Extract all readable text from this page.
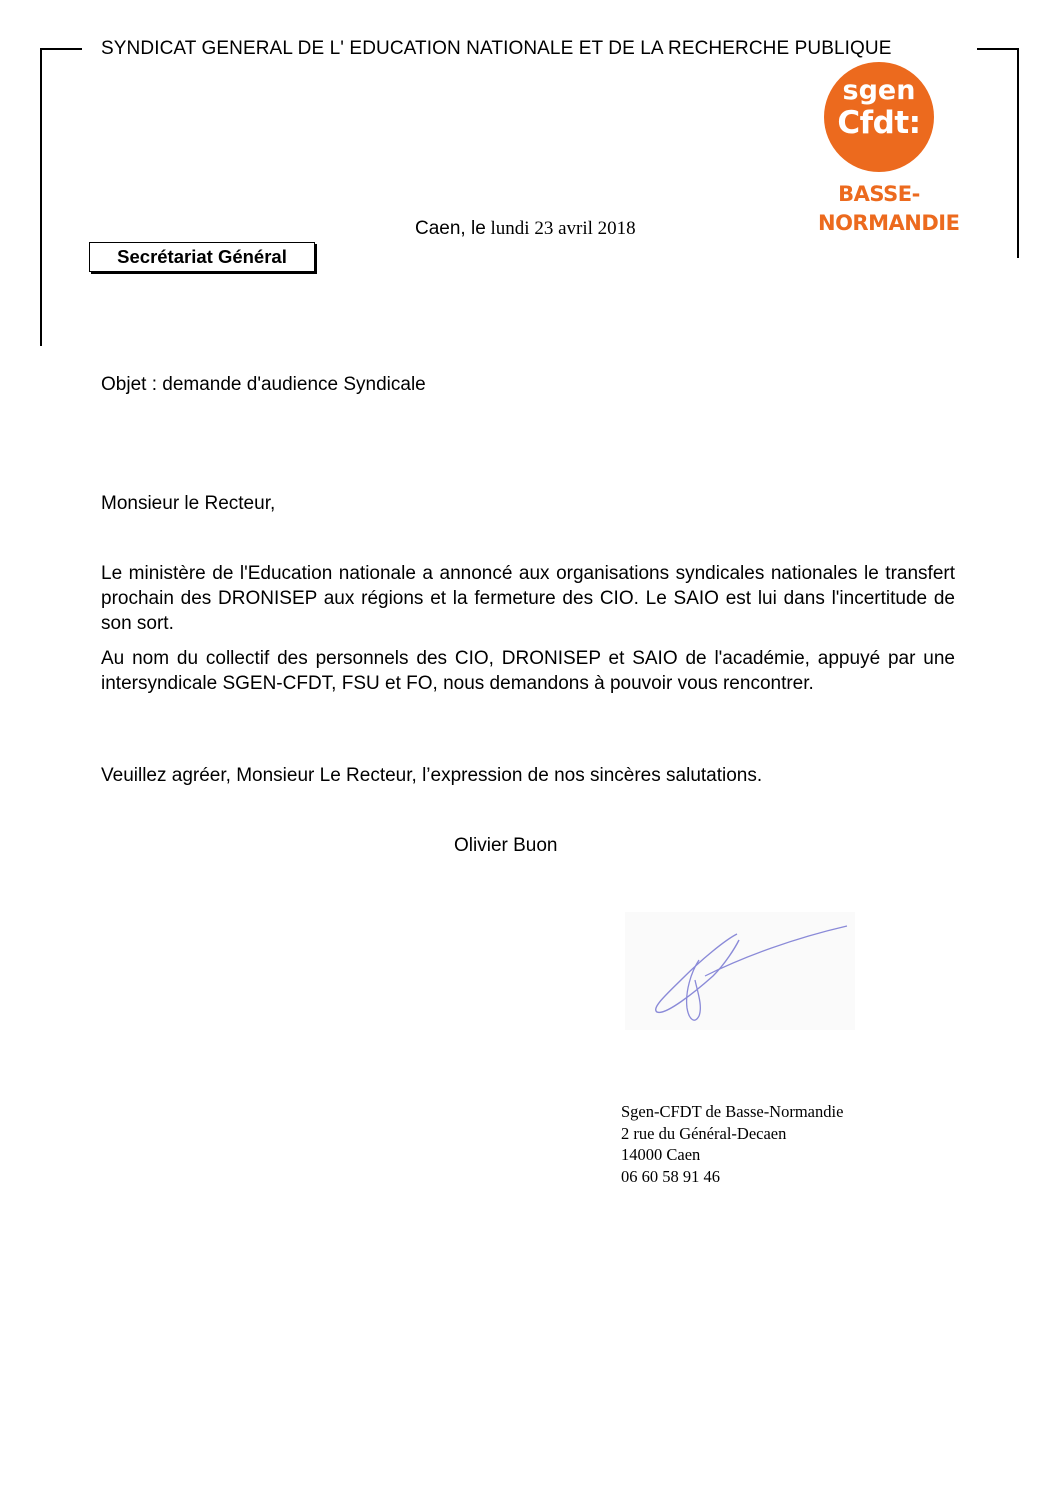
SYNDICAT GENERAL DE L' EDUCATION NATIONALE ET DE LA RECHERCHE PUBLIQUE
sgen
Cfdt:
BASSE-
NORMANDIE
Caen, le lundi 23 avril 2018
Secrétariat Général
Objet : demande d'audience Syndicale
Monsieur le Recteur,
Le ministère de l'Education nationale a annoncé aux organisations syndicales nationales le transfert prochain des DRONISEP aux régions et la fermeture des CIO. Le SAIO est lui dans l'incertitude de son sort.
Au nom du collectif des personnels des CIO, DRONISEP et SAIO de l'académie, appuyé par une intersyndicale SGEN-CFDT, FSU et FO, nous demandons à pouvoir vous rencontrer.
Veuillez agréer, Monsieur Le Recteur, l’expression de nos sincères salutations.
Olivier Buon
Sgen-CFDT de Basse-Normandie
2 rue du Général-Decaen
14000 Caen
06 60 58 91 46
